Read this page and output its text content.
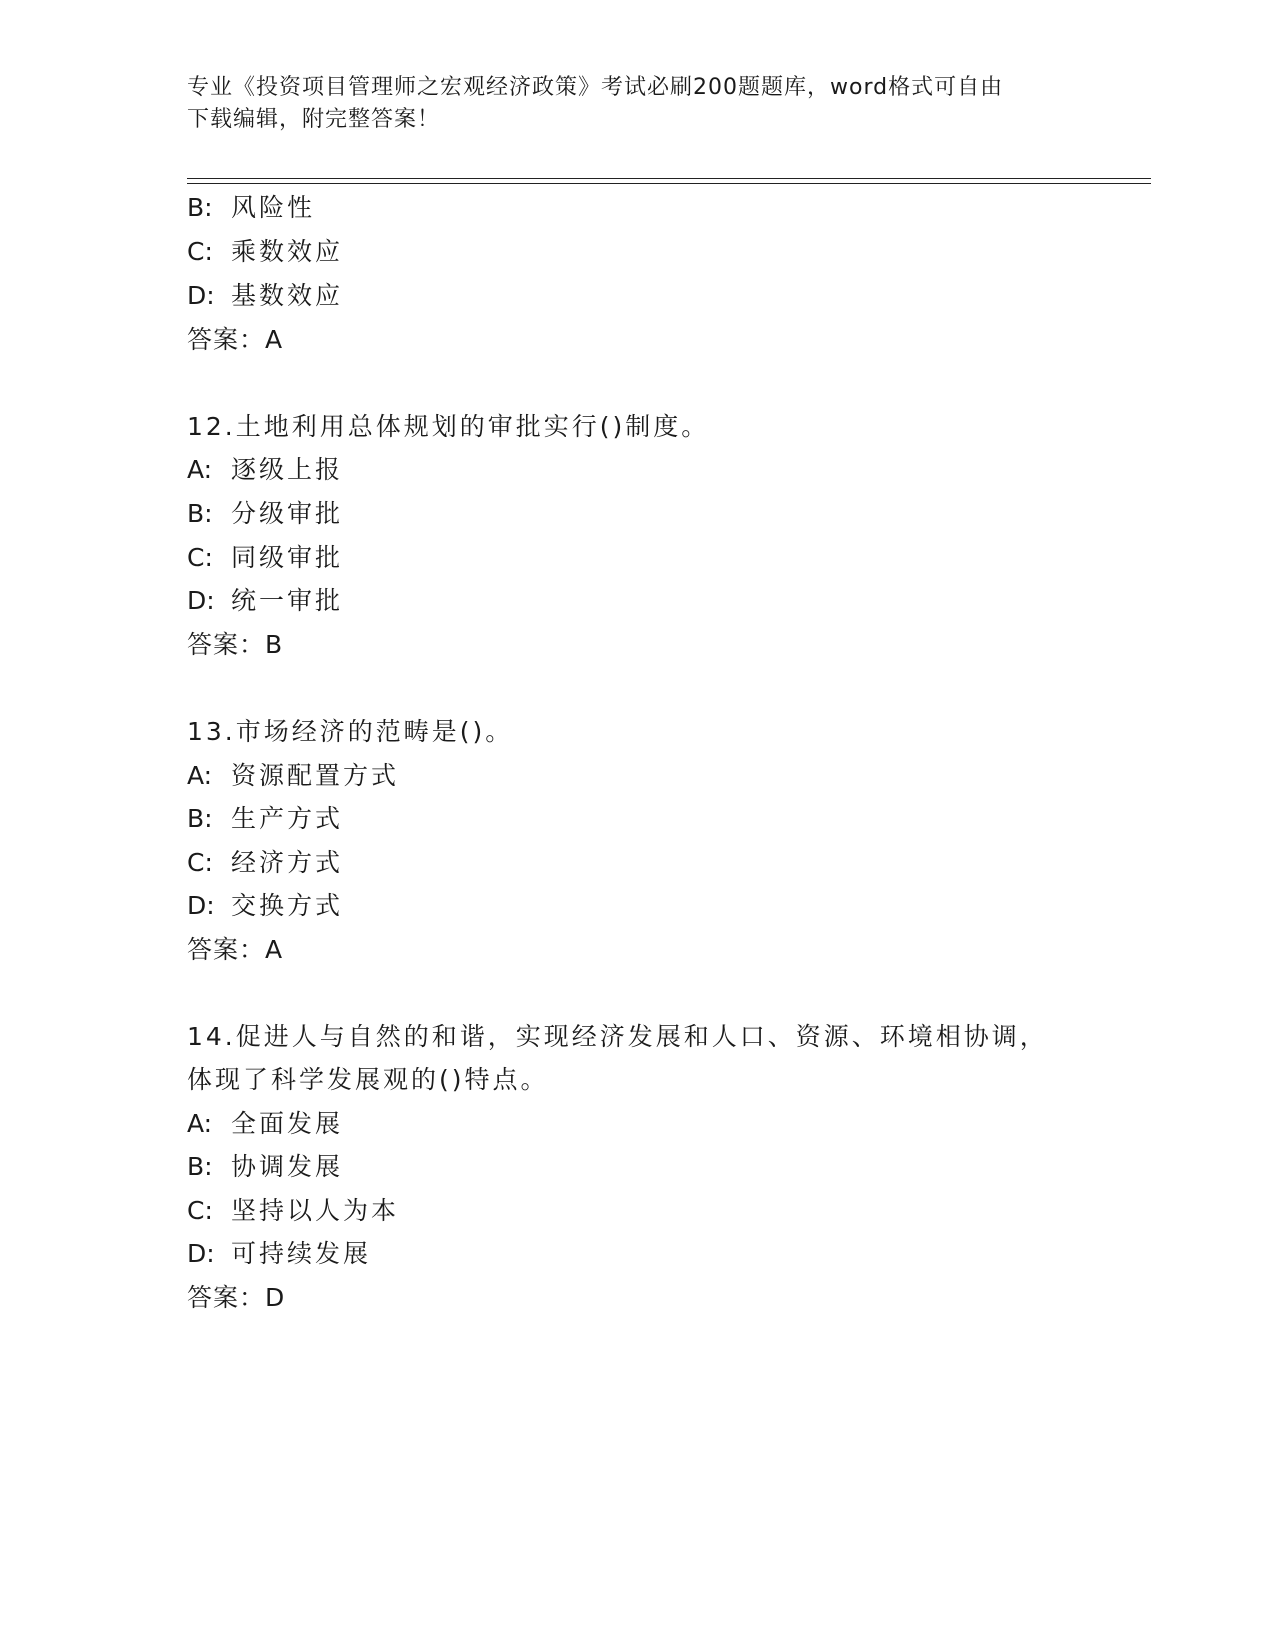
专业《投资项目管理师之宏观经济政策》考试必刷200题题库，word格式可自由
下载编辑，附完整答案！
B: 风险性
C: 乘数效应
D: 基数效应
答案：A
12.土地利用总体规划的审批实行()制度。
A: 逐级上报
B: 分级审批
C: 同级审批
D: 统一审批
答案：B
13.市场经济的范畴是()。
A: 资源配置方式
B: 生产方式
C: 经济方式
D: 交换方式
答案：A
14.促进人与自然的和谐，实现经济发展和人口、资源、环境相协调，
体现了科学发展观的()特点。
A: 全面发展
B: 协调发展
C: 坚持以人为本
D: 可持续发展
答案：D
